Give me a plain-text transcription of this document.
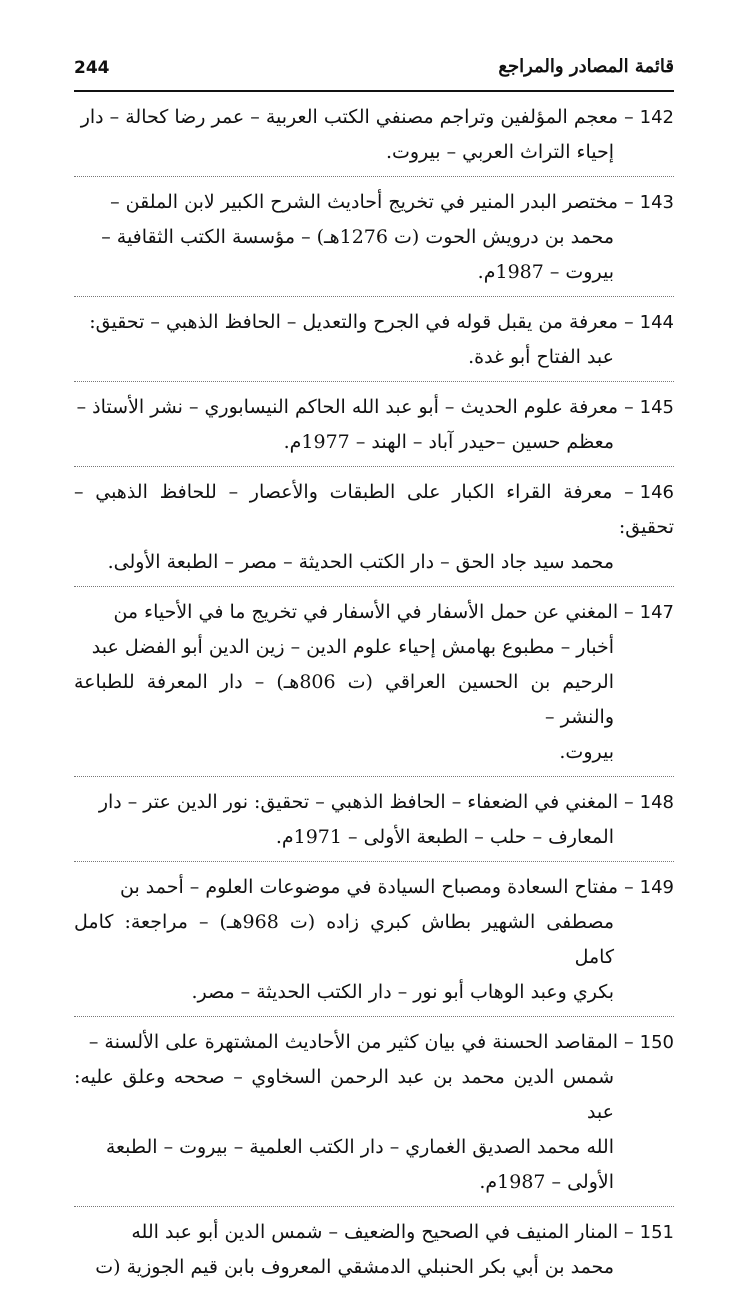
244	قائمة المصادر والمراجع
142– معجم المؤلفين وتراجم مصنفي الكتب العربية – عمر رضا كحالة – دار
إحياء التراث العربي – بيروت.
143– مختصر البدر المنير في تخريج أحاديث الشرح الكبير لابن الملقن –
محمد بن درويش الحوت (ت 1276هـ) – مؤسسة الكتب الثقافية –
بيروت – 1987م.
144– معرفة من يقبل قوله في الجرح والتعديل – الحافظ الذهبي – تحقيق:
عبد الفتاح أبو غدة.
145– معرفة علوم الحديث – أبو عبد الله الحاكم النيسابوري – نشر الأستاذ –
معظم حسين –حيدر آباد – الهند – 1977م.
146– معرفة القراء الكبار على الطبقات والأعصار – للحافظ الذهبي – تحقيق:
محمد سيد جاد الحق – دار الكتب الحديثة – مصر – الطبعة الأولى.
147– المغني عن حمل الأسفار في الأسفار في تخريج ما في الأحياء من
أخبار – مطبوع بهامش إحياء علوم الدين – زين الدين أبو الفضل عبد
الرحيم بن الحسين العراقي (ت 806هـ) – دار المعرفة للطباعة والنشر –
بيروت.
148– المغني في الضعفاء – الحافظ الذهبي – تحقيق: نور الدين عتر – دار
المعارف – حلب – الطبعة الأولى – 1971م.
149– مفتاح السعادة ومصباح السيادة في موضوعات العلوم – أحمد بن
مصطفى الشهير بطاش كبري زاده (ت 968هـ) – مراجعة: كامل كامل
بكري وعبد الوهاب أبو نور – دار الكتب الحديثة – مصر.
150– المقاصد الحسنة في بيان كثير من الأحاديث المشتهرة على الألسنة –
شمس الدين محمد بن عبد الرحمن السخاوي – صححه وعلق عليه: عبد
الله محمد الصديق الغماري – دار الكتب العلمية – بيروت – الطبعة
الأولى – 1987م.
151– المنار المنيف في الصحيح والضعيف – شمس الدين أبو عبد الله
محمد بن أبي بكر الحنبلي الدمشقي المعروف بابن قيم الجوزية (ت
